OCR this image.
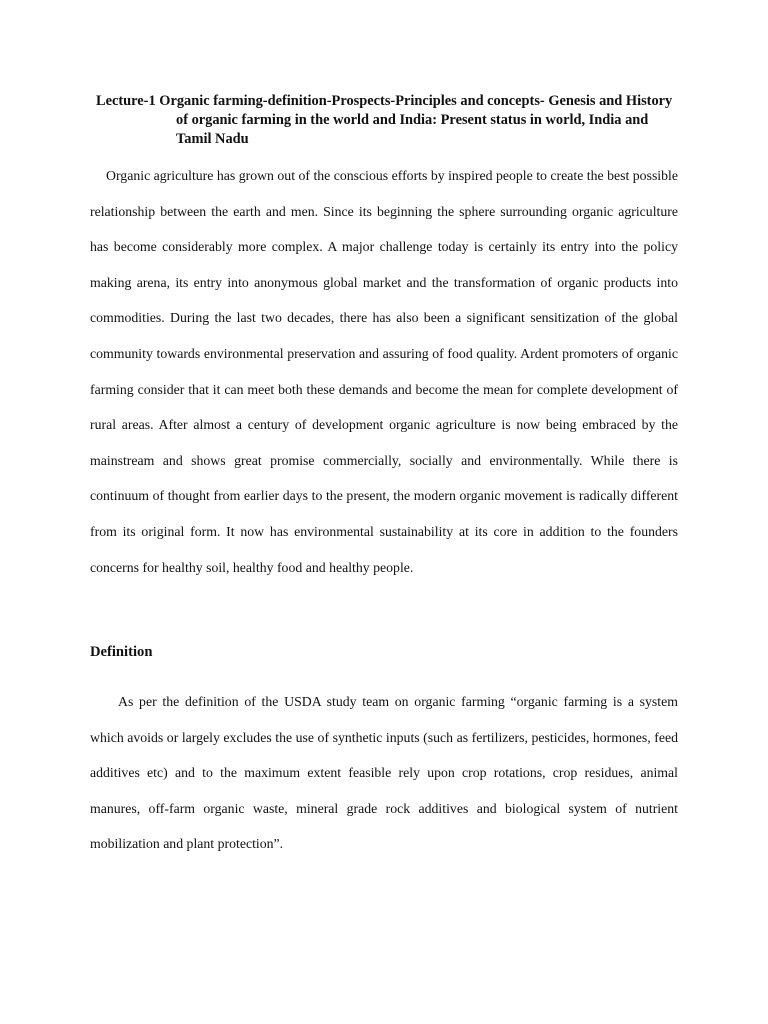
Lecture-1 Organic farming-definition-Prospects-Principles and concepts- Genesis and History
of organic farming in the world and India: Present status in world, India and
Tamil Nadu

Organic agriculture has grown out of the conscious efforts by inspired people to create the best possible relationship between the earth and men. Since its beginning the sphere surrounding organic agriculture has become considerably more complex. A major challenge today is certainly its entry into the policy making arena, its entry into anonymous global market and the transformation of organic products into commodities. During the last two decades, there has also been a significant sensitization of the global community towards environmental preservation and assuring of food quality. Ardent promoters of organic farming consider that it can meet both these demands and become the mean for complete development of rural areas. After almost a century of development organic agriculture is now being embraced by the mainstream and shows great promise commercially, socially and environmentally. While there is continuum of thought from earlier days to the present, the modern organic movement is radically different from its original form. It now has environmental sustainability at its core in addition to the founders concerns for healthy soil, healthy food and healthy people.

Definition

As per the definition of the USDA study team on organic farming “organic farming is a system which avoids or largely excludes the use of synthetic inputs (such as fertilizers, pesticides, hormones, feed additives etc) and to the maximum extent feasible rely upon crop rotations, crop residues, animal manures, off-farm organic waste, mineral grade rock additives and biological system of nutrient mobilization and plant protection”.
